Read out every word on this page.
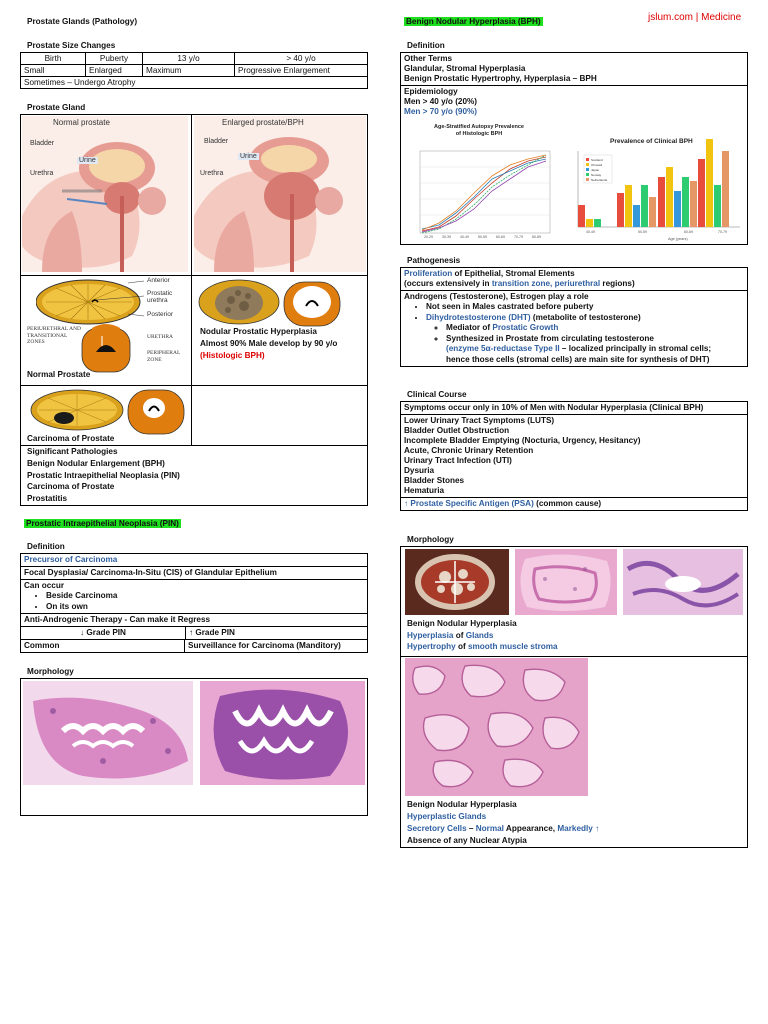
jslum.com | Medicine
Prostate Glands (Pathology)
Prostate Size Changes
Birth	Puberty	13 y/o	> 40 y/o
Small	Enlarged	Maximum	Progressive Enlargement
Sometimes – Undergo Atrophy			
Prostate Gland
Normal prostate
Bladder
Urine
Urethra
Enlarged prostate/BPH
Bladder
Urine
Urethra
Anterior
Prostatic urethra
Posterior
PERIURETHRAL AND TRANSITIONAL ZONES
URETHRA
PERIPHERAL ZONE
Normal Prostate
Nodular Prostatic Hyperplasia
Almost 90% Male develop by 90 y/o
(Histologic BPH)
Carcinoma of Prostate
Significant Pathologies
Benign Nodular Enlargement (BPH)
Prostatic Intraepithelial Neoplasia (PIN)
Carcinoma of Prostate
Prostatitis
Prostatic Intraepithelial Neoplasia (PIN)
Definition
Precursor of Carcinoma
Focal Dysplasia/ Carcinoma-In-Situ (CIS) of Glandular Epithelium
Can occur
• Beside Carcinoma
• On its own
Anti-Androgenic Therapy - Can make it Regress
↓ Grade PIN	↑ Grade PIN
Common	Surveillance for Carcinoma (Manditory)
Morphology
Benign Nodular Hyperplasia (BPH)
Definition
Other Terms
Glandular, Stromal Hyperplasia
Benign Prostatic Hypertrophy, Hyperplasia – BPH
Epidemiology
Men > 40 y/o (20%)
Men > 70 y/o (90%)
20-29	30-39	40-49	50-59	60-69	70-79	80-89
Age-Stratified Autopsy Prevalence of Histologic BPH
40-49	50-59	60-69	70-79
Scotland
Olmsted
Japan
Norway
Netherlands
Prevalence of Clinical BPH
Age (years)
Pathogenesis
Proliferation of Epithelial, Stromal Elements
(occurs extensively in transition zone, periurethral regions)
Androgens (Testosterone), Estrogen play a role
• Not seen in Males castrated before puberty
• Dihydrotestosterone (DHT) (metabolite of testosterone)
◦ Mediator of Prostatic Growth
◦ Synthesized in Prostate from circulating testosterone
(enzyme 5α-reductase Type II – localized principally in stromal cells;
hence those cells (stromal cells) are main site for synthesis of DHT)
Clinical Course
Symptoms occur only in 10% of Men with Nodular Hyperplasia (Clinical BPH)
Lower Urinary Tract Symptoms (LUTS)
Bladder Outlet Obstruction
Incomplete Bladder Emptying (Nocturia, Urgency, Hesitancy)
Acute, Chronic Urinary Retention
Urinary Tract Infection (UTI)
Dysuria
Bladder Stones
Hematuria
↑ Prostate Specific Antigen (PSA) (common cause)
Morphology
Benign Nodular Hyperplasia
Hyperplasia of Glands
Hypertrophy of smooth muscle stroma
Benign Nodular Hyperplasia
Hyperplastic Glands
Secretory Cells – Normal Appearance, Markedly ↑
Absence of any Nuclear Atypia
